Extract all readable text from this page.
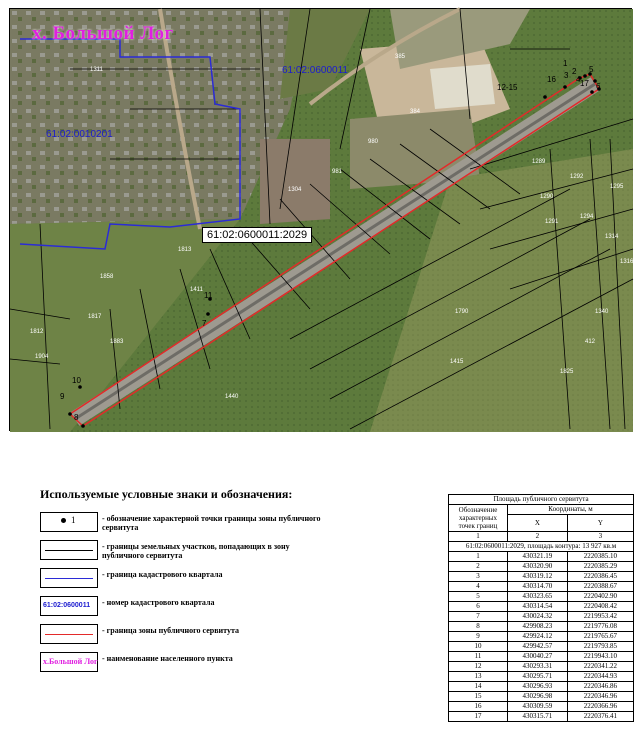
х. Большой Лог
61:02:0600011
61:02:0010201
61:02:0600011:2029
1
2
3 4
5
6
7
8
9
10
11
12-15
16	17
1311
385
384
980
981
1304
1813
1858
1817
1411
1440
1790
1415
1825
1812
1904
1883
1289
1290
1291
1292
1294
1295
1314
1316
1340
412
Используемые условные знаки и обозначения:
1	- обозначение характерной точки границы зоны публичного сервитута
- границы земельных участков, попадающих в зону публичного сервитута
- граница кадастрового квартала
61:02:0600011 - номер кадастрового квартала
- граница зоны публичного сервитута
х.Большой Лог - наименование населенного пункта
Площадь публичного сервитута		
Обозначение характерных точек границ	Координаты, м	
	X	Y
1	2	3
61:02:0600011:2029, площадь контура: 13 927 кв.м		
1	430321.19	2220385.10
2	430320.90	2220385.29
3	430319.12	2220386.45
4	430314.70	2220388.67
5	430323.65	2220402.90
6	430314.54	2220408.42
7	430024.32	2219953.42
8	429908.23	2219776.08
9	429924.12	2219765.67
10	429942.57	2219793.85
11	430040.27	2219943.10
12	430293.31	2220341.22
13	430295.71	2220344.93
14	430296.93	2220346.86
15	430296.98	2220346.96
16	430309.59	2220366.96
17	430315.71	2220376.41
